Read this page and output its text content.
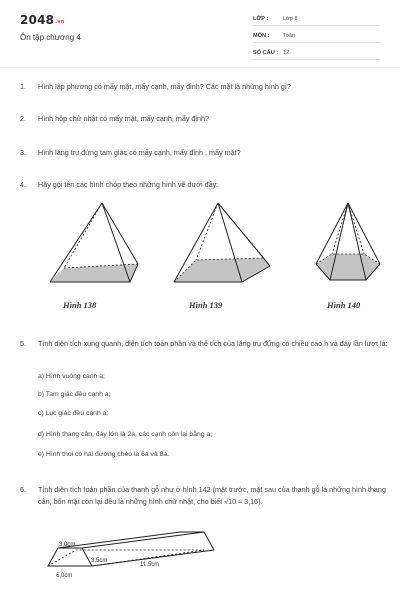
2048.vn
Ôn tập chương 4
LỚP :	Lớp 8
MÔN :	Toán
SỐ CÂU : 12
1. Hình lập phương có mấy mặt, mấy cạnh, mấy đỉnh? Các mặt là những hình gì?
2. Hình hộp chữ nhật có mấy mặt, mấy cạnh, mấy đỉnh?
3. Hình lăng trụ đứng tam giác có mấy cạnh, mấy đỉnh , mấy mặt?
4. Hãy gọi tên các hình chóp theo những hình vẽ dưới đây:
Hình 138	Hình 139	Hình 140
5. Tính diện tích xung quanh, diện tích toàn phần và thể tích của lăng trụ đứng có chiều cao h và đáy lần lượt là:
a) Hình vuông cạnh a;
b) Tam giác đều cạnh a;
c) Lục giác đều cạnh a;
d) Hình thang cân, đáy lớn là 2a, các cạnh còn lại bằng a;
e) Hình thoi có hai đường chéo là 6a và 8a.
6. Tính diện tích toàn phần của thanh gỗ như ở hình 142 (mặt trước, mặt sau của thanh gỗ là những hình thang cân, bốn mặt còn lại đều là những hình chữ nhật, cho biết √10 ≈ 3,16).
3,0cm
3,5cm
11,5cm
6,0cm
